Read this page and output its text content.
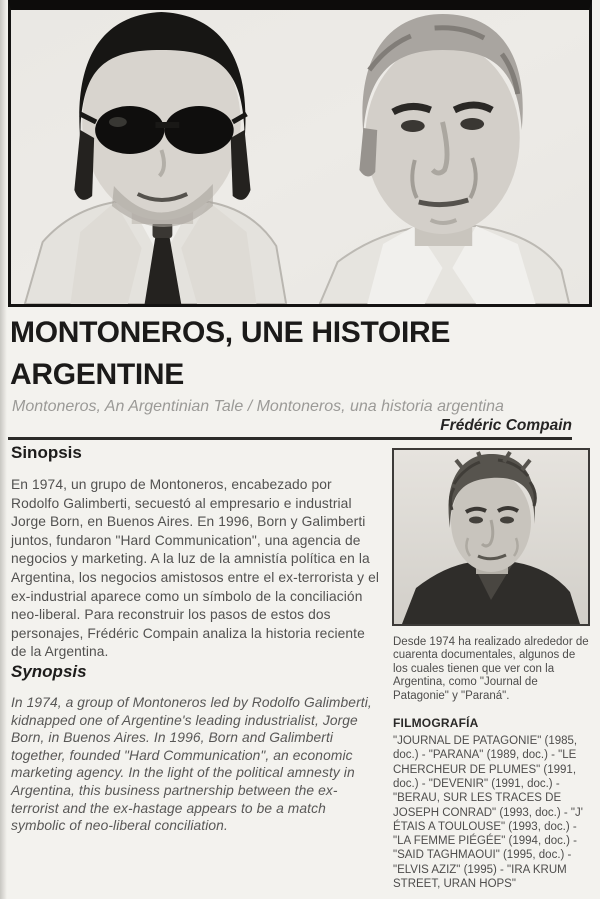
MONTONEROS, UNE HISTOIRE
ARGENTINE
Montoneros, An Argentinian Tale / Montoneros, una historia argentina
Frédéric Compain
Sinopsis

En 1974, un grupo de Montoneros, encabezado por Rodolfo Galimberti, secuestó al empresario e industrial Jorge Born, en Buenos Aires. En 1996, Born y Galimberti juntos, fundaron "Hard Communication", una agencia de negocios y marketing. A la luz de la amnistía política en la Argentina, los negocios amistosos entre el ex-terrorista y el ex-industrial aparece como un símbolo de la conciliación neo-liberal. Para reconstruir los pasos de estos dos personajes, Frédéric Compain analiza la historia reciente de la Argentina.

Synopsis

In 1974, a group of Montoneros led by Rodolfo Galimberti, kidnapped one of Argentine's leading industrialist, Jorge Born, in Buenos Aires. In 1996, Born and Galimberti together, founded "Hard Communication", an economic marketing agency. In the light of the political amnesty in Argentina, this business partnership between the ex-terrorist and the ex-hastage appears to be a match symbolic of neo-liberal conciliation.

Desde 1974 ha realizado alrededor de cuarenta documentales, algunos de los cuales tienen que ver con la Argentina, como "Journal de Patagonie" y "Paraná".

FILMOGRAFÍA

"JOURNAL DE PATAGONIE" (1985, doc.) - "PARANA" (1989, doc.) - "LE CHERCHEUR DE PLUMES" (1991, doc.) - "DEVENIR" (1991, doc.) - "BERAU, SUR LES TRACES DE JOSEPH CONRAD" (1993, doc.) - "J' ÉTAIS A TOULOUSE" (1993, doc.) - "LA FEMME PIÉGÉE" (1994, doc.) - "SAID TAGHMAOUI" (1995, doc.) - "ELVIS AZIZ" (1995) - "IRA KRUM STREET, URAN HOPS"
